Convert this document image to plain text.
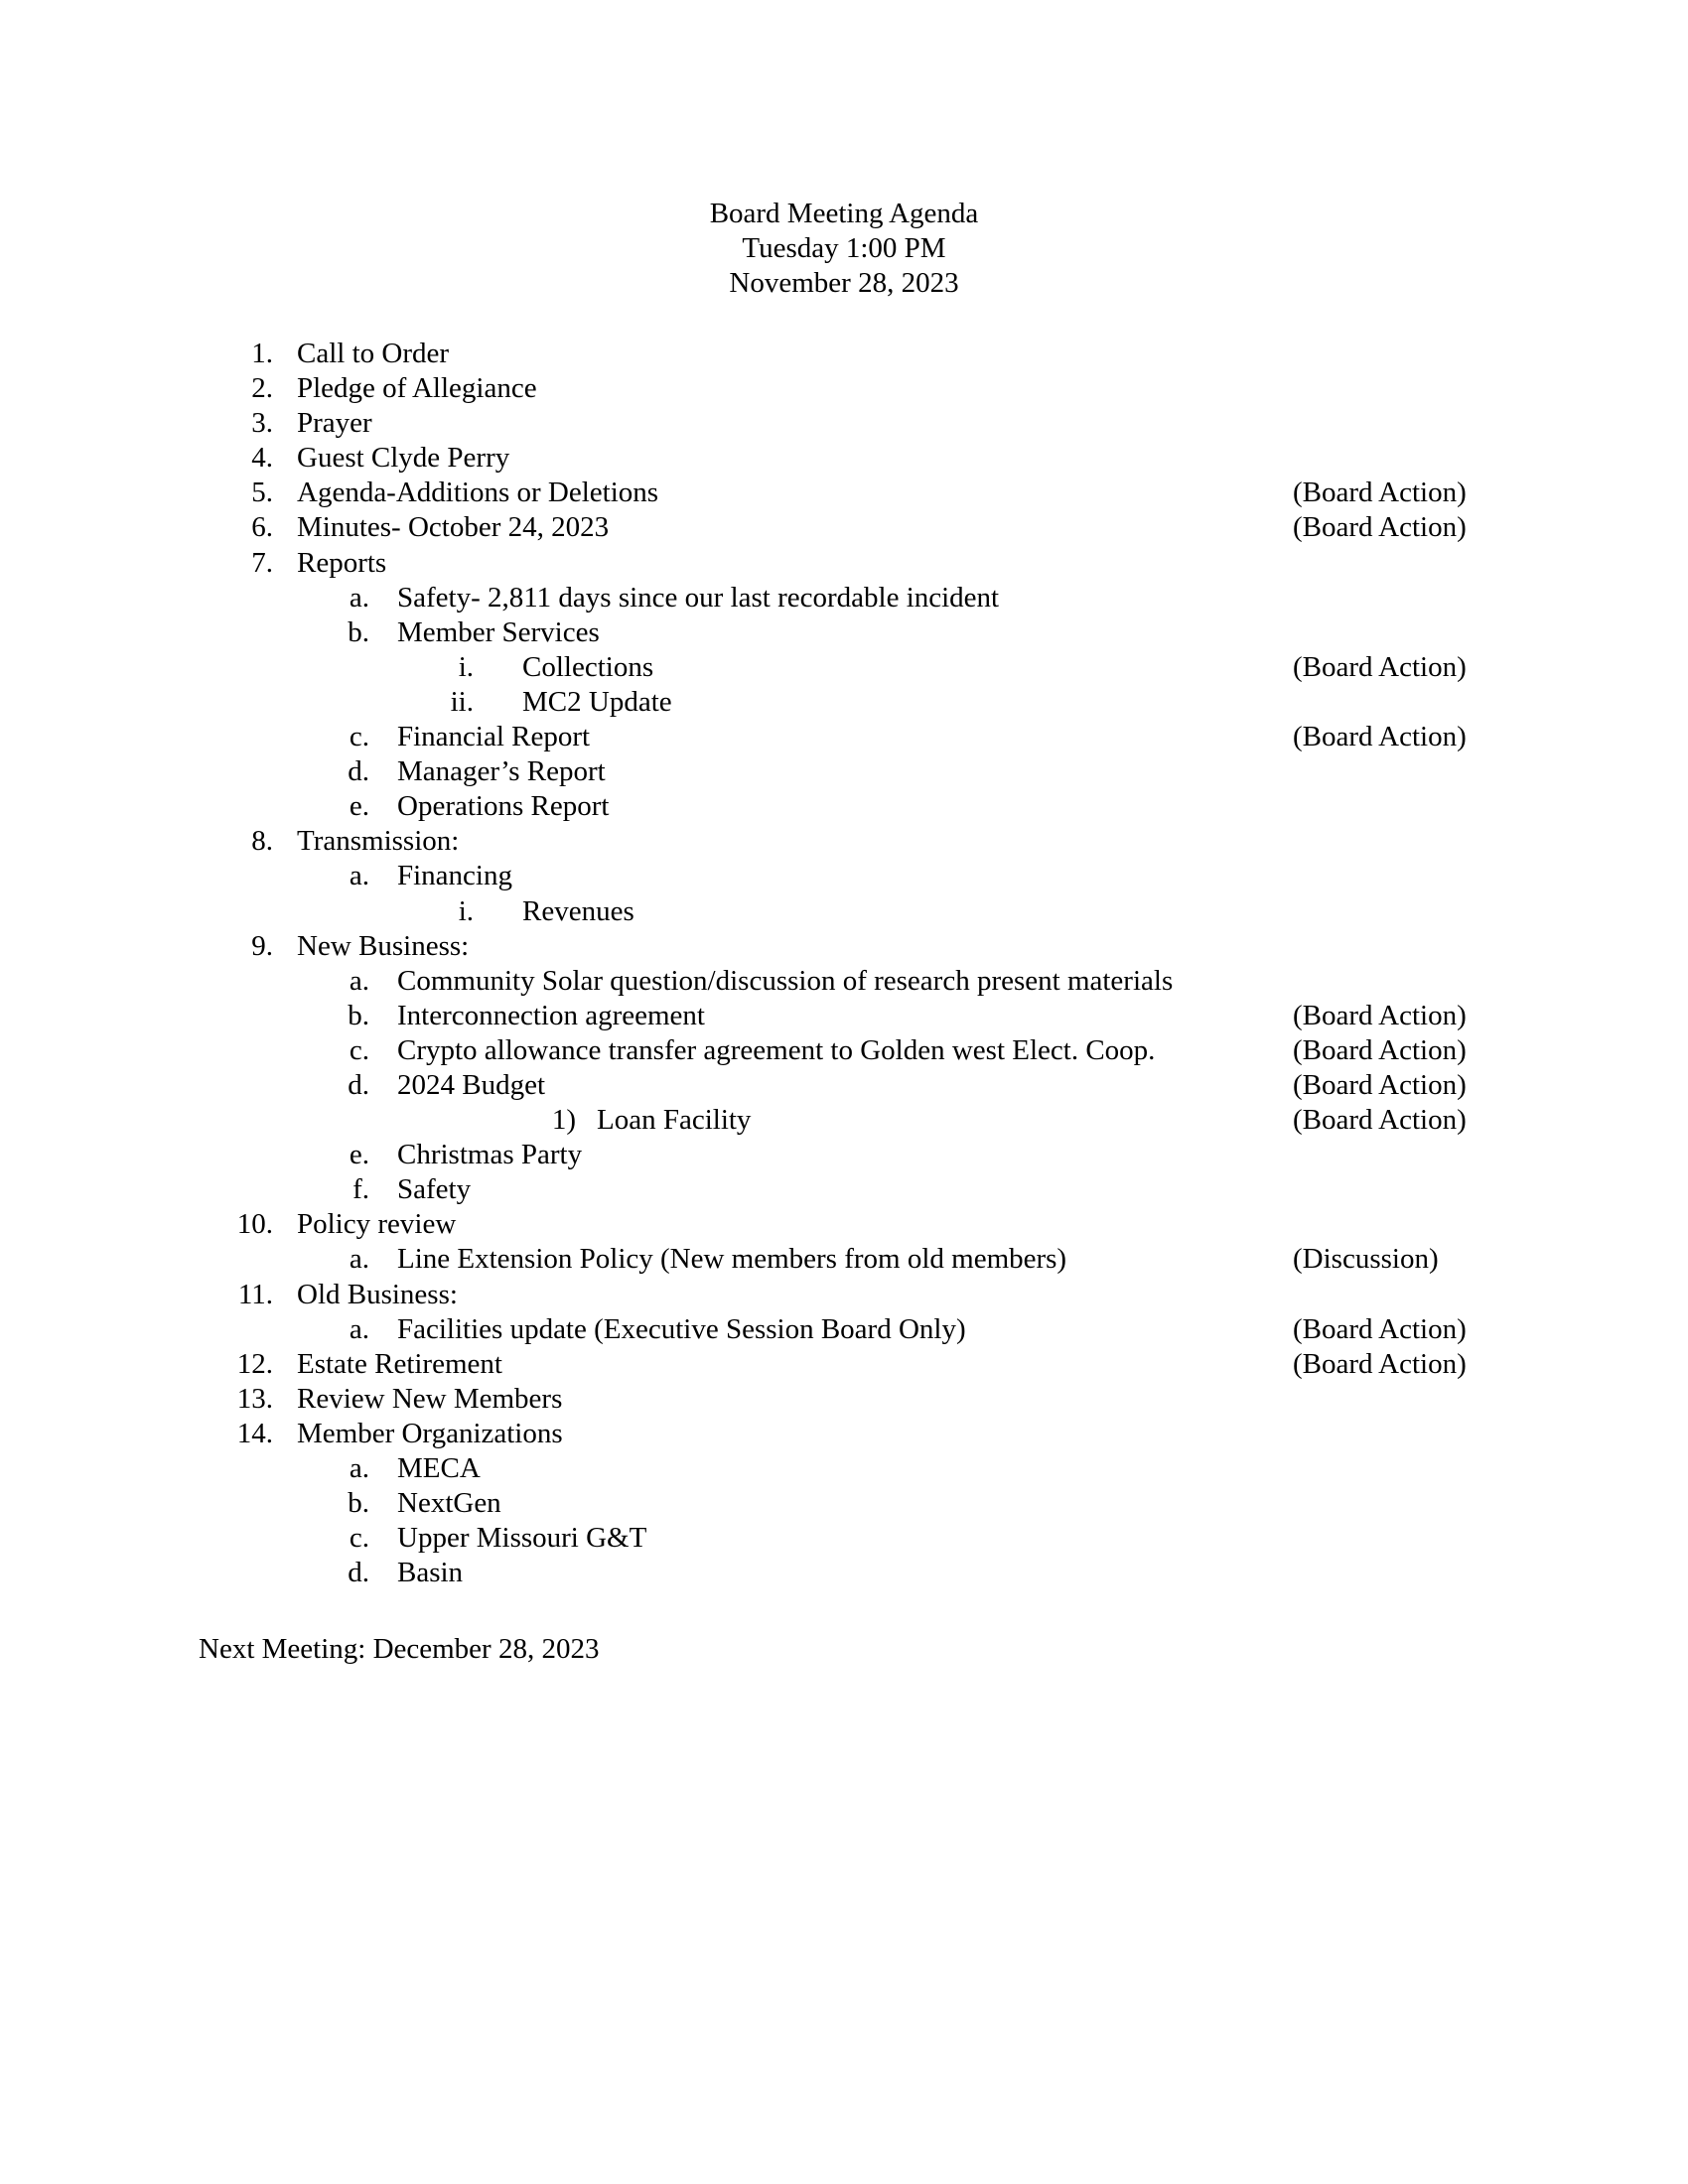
Board Meeting Agenda
Tuesday 1:00 PM
November 28, 2023
1. Call to Order
2. Pledge of Allegiance
3. Prayer
4. Guest Clyde Perry
5. Agenda-Additions or Deletions	(Board Action)
6. Minutes- October 24, 2023	(Board Action)
7. Reports
a. Safety- 2,811 days since our last recordable incident
b. Member Services
i. Collections	(Board Action)
ii. MC2 Update
c. Financial Report	(Board Action)
d. Manager’s Report
e. Operations Report
8. Transmission:
a. Financing
i. Revenues
9. New Business:
a. Community Solar question/discussion of research present materials
b. Interconnection agreement	(Board Action)
c. Crypto allowance transfer agreement to Golden west Elect. Coop.	(Board Action)
d. 2024 Budget	(Board Action)
1) Loan Facility	(Board Action)
e. Christmas Party
f. Safety
10. Policy review
a. Line Extension Policy (New members from old members)	(Discussion)
11. Old Business:
a. Facilities update (Executive Session Board Only)	(Board Action)
12. Estate Retirement	(Board Action)
13. Review New Members
14. Member Organizations
a. MECA
b. NextGen
c. Upper Missouri G&T
d. Basin
Next Meeting: December 28, 2023
